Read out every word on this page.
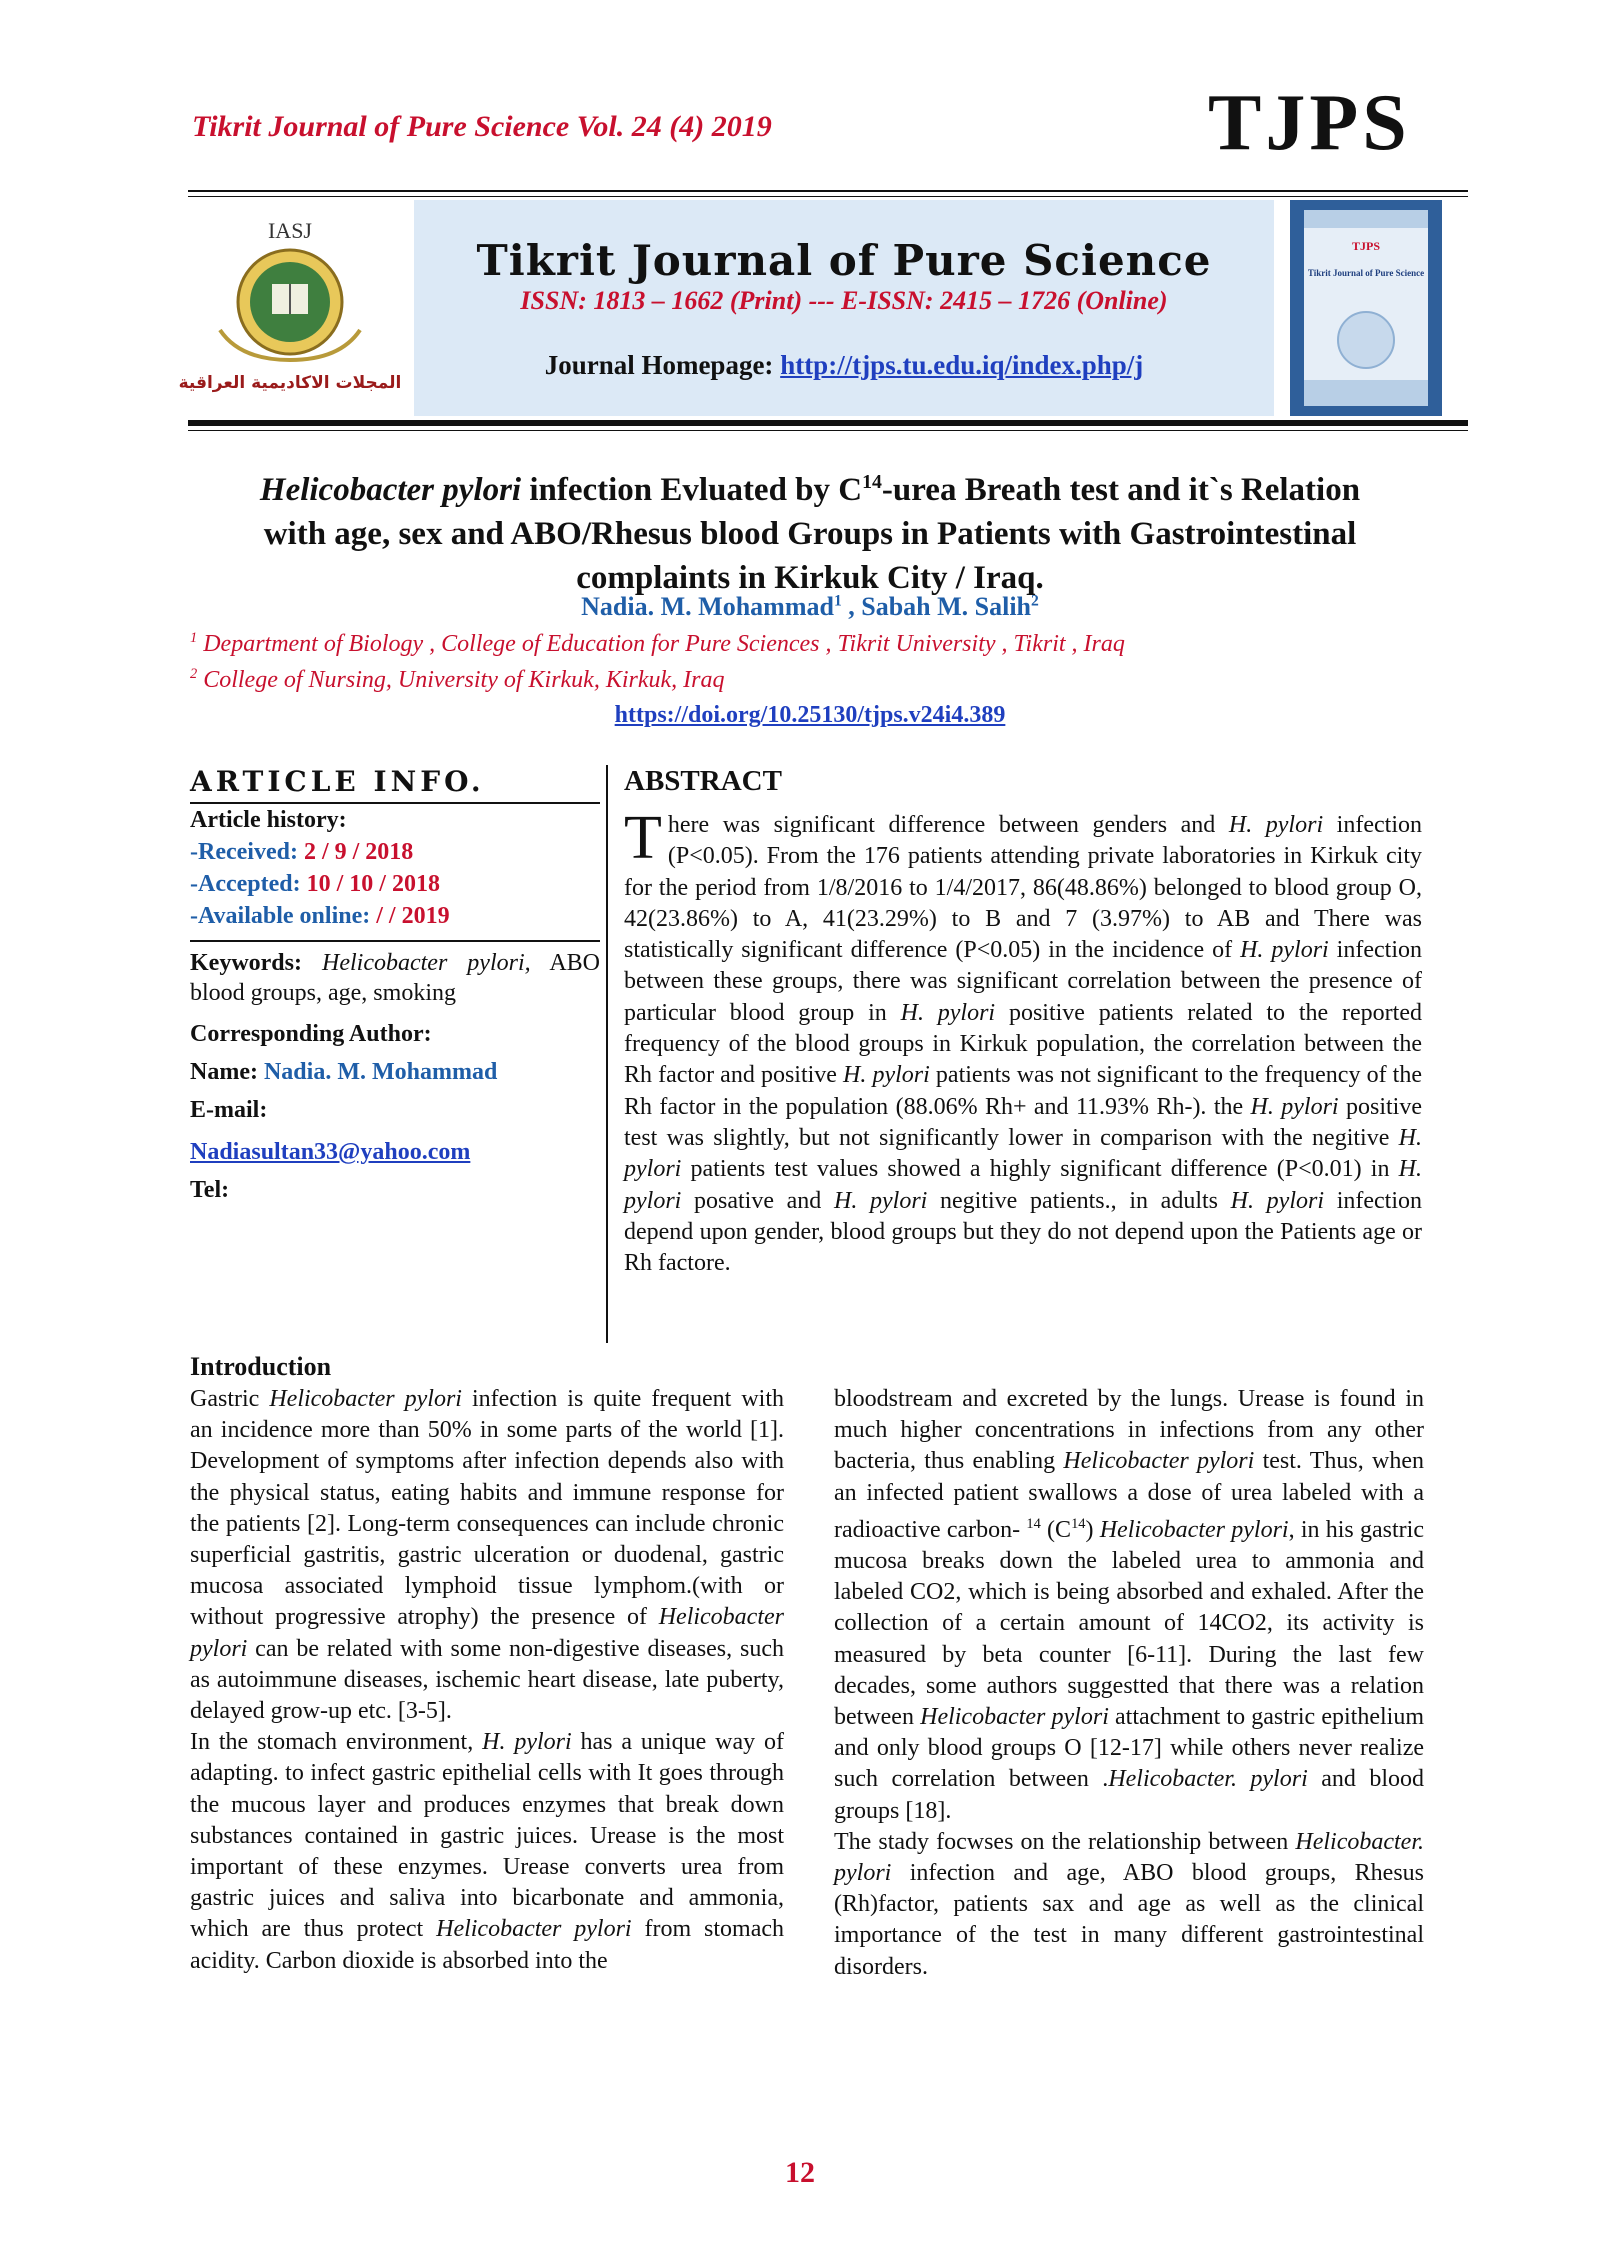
Tikrit Journal of Pure Science Vol. 24 (4) 2019	TJPS
IASJ
المجلات الاكاديمية العراقية
Tikrit Journal of Pure Science
ISSN: 1813 – 1662 (Print) --- E-ISSN: 2415 – 1726 (Online)
Journal Homepage: http://tjps.tu.edu.iq/index.php/j
TJPS
Tikrit Journal of Pure Science
Helicobacter pylori infection Evluated by $C^{14}$-urea Breath test and it`s Relation with age, sex and ABO/Rhesus blood Groups in Patients with Gastrointestinal complaints in Kirkuk City / Iraq.
Nadia. M. Mohammad$^1$ , Sabah M. Salih$^2$
$^1$ Department of Biology , College of Education for Pure Sciences , Tikrit University , Tikrit , Iraq
$^2$ College of Nursing, University of Kirkuk, Kirkuk, Iraq
https://doi.org/10.25130/tjps.v24i4.389
ARTICLE INFO.
Article history:
-Received: 2 / 9 / 2018
-Accepted: 10 / 10 / 2018
-Available online: / / 2019
Keywords: Helicobacter pylori, ABO blood groups, age, smoking
Corresponding Author:
Name: Nadia. M. Mohammad
E-mail:
Nadiasultan33@yahoo.com
Tel:
ABSTRACT
There was significant difference between genders and H. pylori infection (P<0.05). From the 176 patients attending private laboratories in Kirkuk city for the period from 1/8/2016 to 1/4/2017, 86(48.86%) belonged to blood group O, 42(23.86%) to A, 41(23.29%) to B and 7 (3.97%) to AB and There was statistically significant difference (P<0.05) in the incidence of H. pylori infection between these groups, there was significant correlation between the presence of particular blood group in H. pylori positive patients related to the reported frequency of the blood groups in Kirkuk population, the correlation between the Rh factor and positive H. pylori patients was not significant to the frequency of the Rh factor in the population (88.06% Rh+ and 11.93% Rh-). the H. pylori positive test was slightly, but not significantly lower in comparison with the negitive H. pylori patients test values showed a highly significant difference (P<0.01) in H. pylori posative and H. pylori negitive patients., in adults H. pylori infection depend upon gender, blood groups but they do not depend upon the Patients age or Rh factore.
Introduction

Gastric Helicobacter pylori infection is quite frequent with an incidence more than 50% in some parts of the world [1]. Development of symptoms after infection depends also with the physical status, eating habits and immune response for the patients [2]. Long-term consequences can include chronic superficial gastritis, gastric ulceration or duodenal, gastric mucosa associated lymphoid tissue lymphom.(with or without progressive atrophy) the presence of Helicobacter pylori can be related with some non-digestive diseases, such as autoimmune diseases, ischemic heart disease, late puberty, delayed grow-up etc. [3-5].

In the stomach environment, H. pylori has a unique way of adapting. to infect gastric epithelial cells with It goes through the mucous layer and produces enzymes that break down substances contained in gastric juices. Urease is the most important of these enzymes. Urease converts urea from gastric juices and saliva into bicarbonate and ammonia, which are thus protect Helicobacter pylori from stomach acidity. Carbon dioxide is absorbed into the

bloodstream and excreted by the lungs. Urease is found in much higher concentrations in infections from any other bacteria, thus enabling Helicobacter pylori test. Thus, when an infected patient swallows a dose of urea labeled with a radioactive carbon- $^{14}$ $(C^{14})$ Helicobacter pylori, in his gastric mucosa breaks down the labeled urea to ammonia and labeled CO2, which is being absorbed and exhaled. After the collection of a certain amount of 14CO2, its activity is measured by beta counter [6-11]. During the last few decades, some authors suggestted that there was a relation between Helicobacter pylori attachment to gastric epithelium and only blood groups O [12-17] while others never realize such correlation between .Helicobacter. pylori and blood groups [18].

The stady focwses on the relationship between Helicobacter. pylori infection and age, ABO blood groups, Rhesus (Rh)factor, patients sax and age as well as the clinical importance of the test in many different gastrointestinal disorders.

12
